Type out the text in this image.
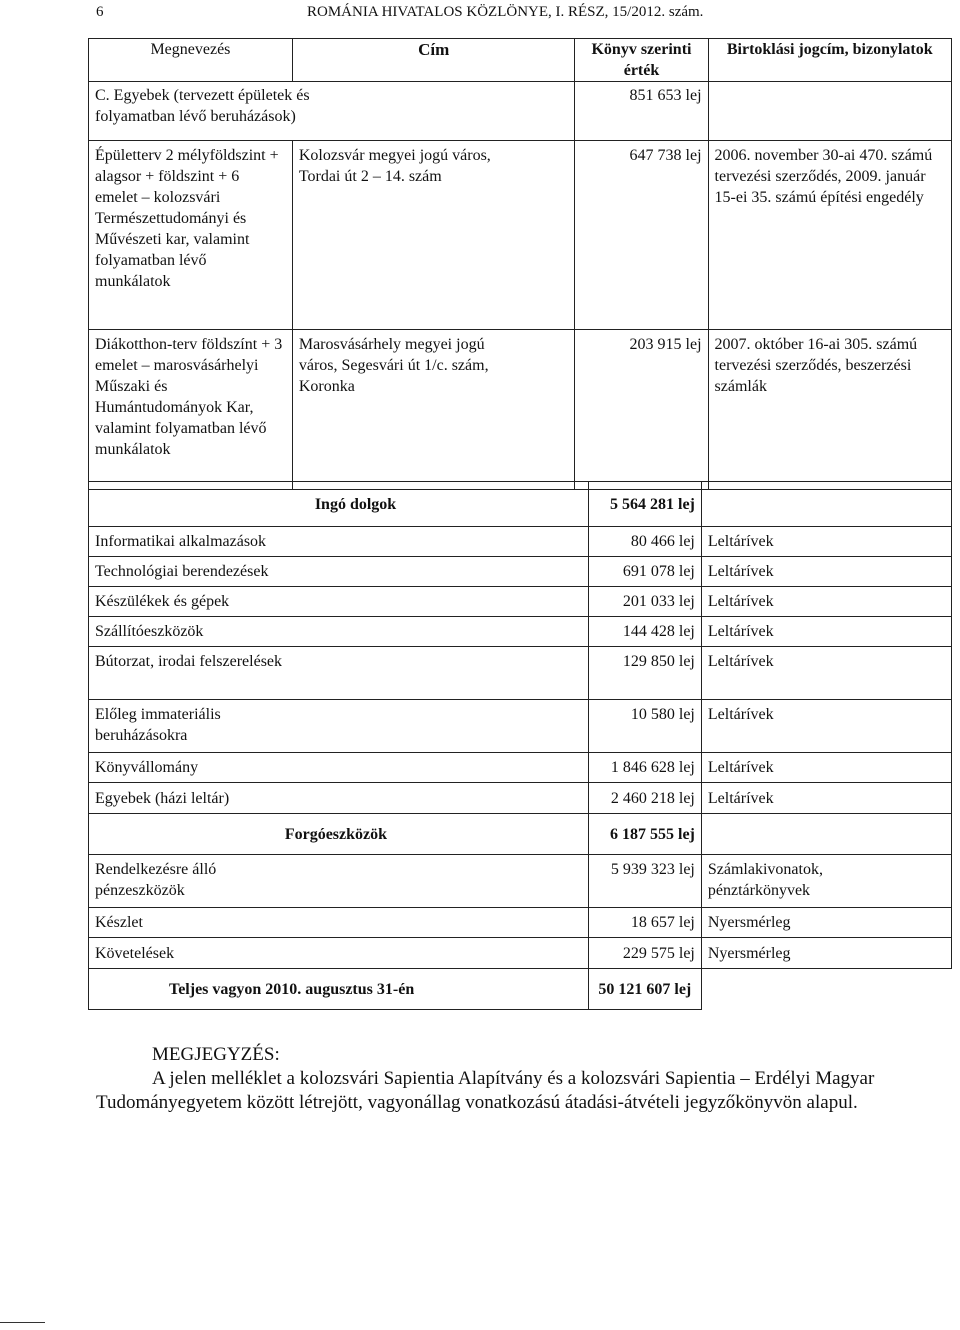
6	ROMÁNIA HIVATALOS KÖZLÖNYE, I. RÉSZ, 15/2012. szám.
Megnevezés	Cím	Könyv szerinti érték	Birtoklási jogcím, bizonylatok
C. Egyebek (tervezett épületek és folyamatban lévő beruházások)		851 653 lej	
Épületterv 2 mélyföldszint + alagsor + földszint + 6 emelet – kolozsvári Természettudományi és Művészeti kar, valamint folyamatban lévő munkálatok	Kolozsvár megyei jogú város, Tordai út 2 – 14. szám	647 738 lej	2006. november 30-ai 470. számú tervezési szerződés, 2009. január 15-ei 35. számú építési engedély
Diákotthon-terv földszínt + 3 emelet – marosvásárhelyi Műszaki és Humántudományok Kar, valamint folyamatban lévő munkálatok	Marosvásárhely megyei jogú város, Segesvári út 1/c. szám, Koronka	203 915 lej	2007. október 16-ai 305. számú tervezési szerződés, beszerzési számlák
	Ingó dolgok	5 564 281 lej	
Informatikai alkalmazások		80 466 lej	Leltárívek
Technológiai berendezések		691 078 lej	Leltárívek
Készülékek és gépek		201 033 lej	Leltárívek
Szállítóeszközök		144 428 lej	Leltárívek
Bútorzat, irodai felszerelések		129 850 lej	Leltárívek
Előleg immateriális beruházásokra		10 580 lej	Leltárívek
Könyvállomány		1 846 628 lej	Leltárívek
Egyebek (házi leltár)		2 460 218 lej	Leltárívek
	Forgóeszközök	6 187 555 lej	
Rendelkezésre álló pénzeszközök		5 939 323 lej	Számlakivonatok, pénztárkönyvek
Készlet		18 657 lej	Nyersmérleg
Követelések		229 575 lej	Nyersmérleg
Teljes vagyon 2010. augusztus 31-én		50 121 607 lej	
MEGJEGYZÉS:

A jelen melléklet a kolozsvári Sapientia Alapítvány és a kolozsvári Sapientia – Erdélyi Magyar Tudományegyetem között létrejött, vagyonállag vonatkozású átadási-átvételi jegyzőkönyvön alapul.
